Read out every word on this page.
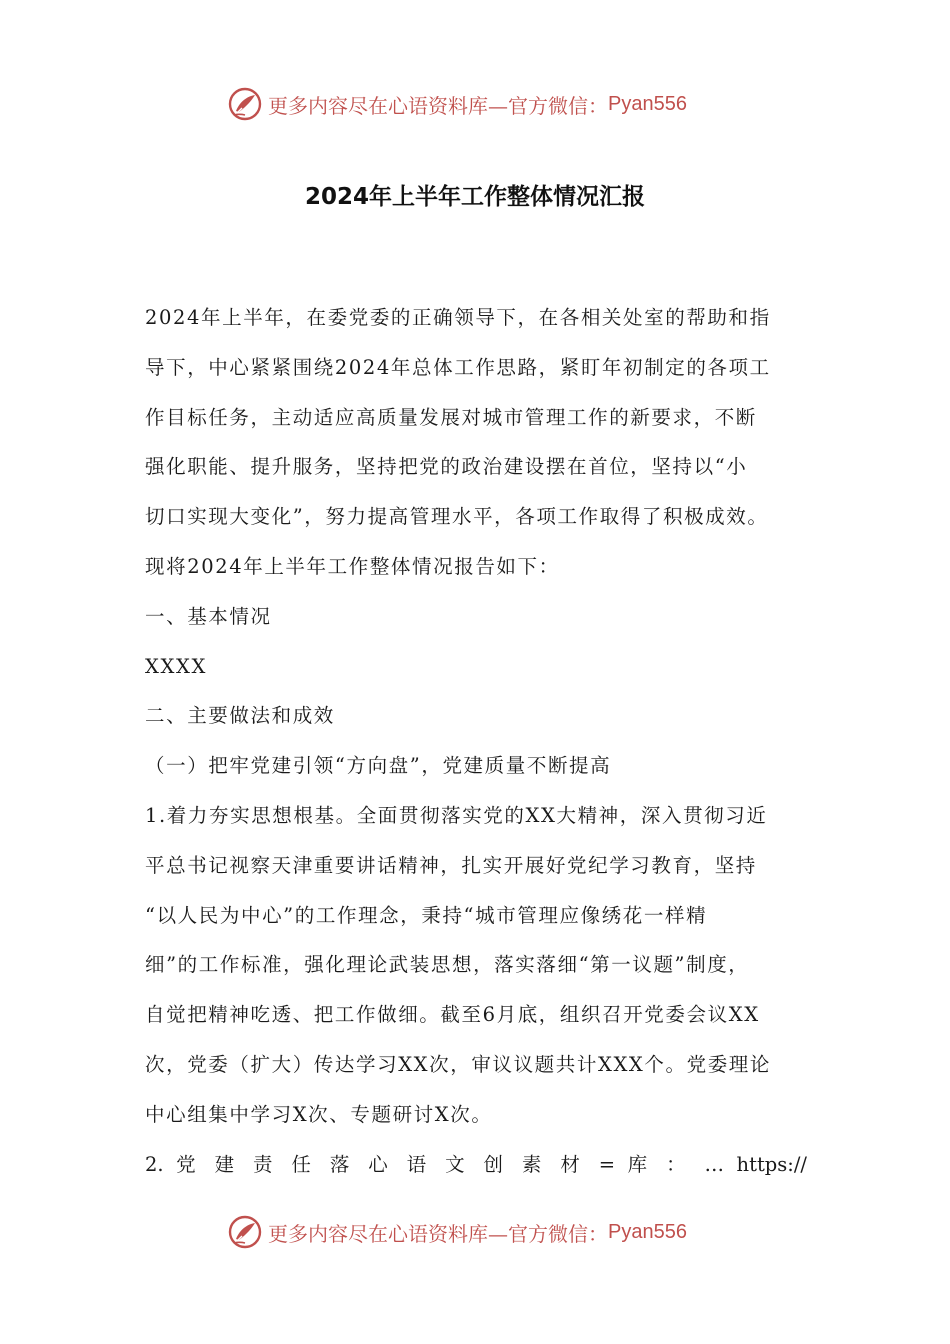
更多内容尽在心语资料库—官方微信： Pyan556
2024年上半年工作整体情况汇报
2024年上半年，在委党委的正确领导下，在各相关处室的帮助和指
导下，中心紧紧围绕2024年总体工作思路，紧盯年初制定的各项工
作目标任务，主动适应高质量发展对城市管理工作的新要求，不断
强化职能、提升服务，坚持把党的政治建设摆在首位，坚持以“小
切口实现大变化”，努力提高管理水平，各项工作取得了积极成效。
现将2024年上半年工作整体情况报告如下：
一、基本情况
XXXX
二、主要做法和成效
（一）把牢党建引领“方向盘”，党建质量不断提高
1.着力夯实思想根基。全面贯彻落实党的XX大精神，深入贯彻习近
平总书记视察天津重要讲话精神，扎实开展好党纪学习教育，坚持
“以人民为中心”的工作理念，秉持“城市管理应像绣花一样精
细”的工作标准，强化理论武装思想，落实落细“第一议题”制度，
自觉把精神吃透、把工作做细。截至6月底，组织召开党委会议XX
次，党委（扩大）传达学习XX次，审议议题共计XXX个。党委理论
中心组集中学习X次、专题研讨X次。
2. 党 建 责 任 落 心 语 文 创 素 材 = 库 ： … https://
更多内容尽在心语资料库—官方微信： Pyan556
